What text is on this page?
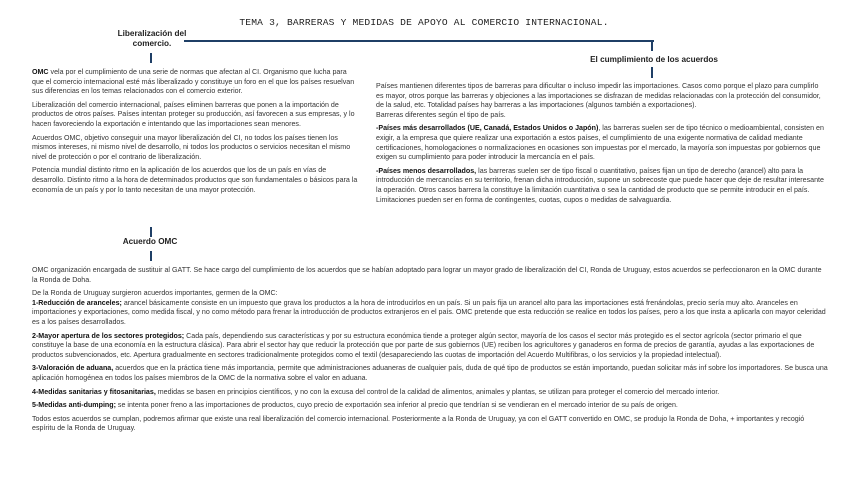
TEMA 3, BARRERAS Y MEDIDAS DE APOYO AL COMERCIO INTERNACIONAL.
Liberalización del comercio.
El cumplimiento de los acuerdos

OMC vela por el cumplimiento de una serie de normas que afectan al CI. Organismo que lucha para que el comercio internacional esté más liberalizado y constituye un foro en el que los países resuelvan sus diferencias en los temas relacionados con el comercio exterior.

Liberalización del comercio internacional, países eliminen barreras que ponen a la importación de productos de otros países. Países intentan proteger su producción, así favorecen a sus empresas, y lo hacen favoreciendo la exportación e intentando que las importaciones sean menores.

Acuerdos OMC, objetivo conseguir una mayor liberalización del CI, no todos los países tienen los mismos intereses, ni mismo nivel de desarrollo, ni todos los productos o servicios necesitan el mismo nivel de protección o por el contrario de liberalización.

Potencia mundial distinto ritmo en la aplicación de los acuerdos que los de un país en vías de desarrollo. Distinto ritmo a la hora de determinados productos que son fundamentales o básicos para la economía de un país y por lo tanto necesitan de una mayor protección.

Países mantienen diferentes tipos de barreras para dificultar o incluso impedir las importaciones. Casos como porque el plazo para cumplirlo es mayor, otros porque las barreras y objeciones a las importaciones se disfrazan de medidas relacionadas con la protección del consumidor, de la salud, etc. Totalidad países hay barreras a las importaciones (algunos también a exportaciones).

Barreras diferentes según el tipo de país.

-Países más desarrollados (UE, Canadá, Estados Unidos o Japón), las barreras suelen ser de tipo técnico o medioambiental, consisten en exigir, a la empresa que quiere realizar una exportación a estos países, el cumplimiento de una exigente normativa de calidad mediante certificaciones, homologaciones o normalizaciones en ocasiones son impuestas por el mercado, la mayoría son impuestas por gobiernos que exigen su cumplimiento para poder introducir la mercancía en el país.

-Países menos desarrollados, las barreras suelen ser de tipo fiscal o cuantitativo, países fijan un tipo de derecho (arancel) alto para la introducción de mercancías en su territorio, frenan dicha introducción, supone un sobrecoste que puede hacer que deje de resultar interesante la operación. Otros casos barrera la constituye la limitación cuantitativa o sea la cantidad de producto que se permite introducir en el país. Limitaciones pueden ser en forma de contingentes, cuotas, cupos o medidas de salvaguardia.

Acuerdo OMC

OMC organización encargada de sustituir al GATT. Se hace cargo del cumplimiento de los acuerdos que se habían adoptado para lograr un mayor grado de liberalización del CI, Ronda de Uruguay, estos acuerdos se perfeccionaron en la OMC durante la Ronda de Doha.

De la Ronda de Uruguay surgieron acuerdos importantes, germen de la OMC:

1-Reducción de aranceles; arancel básicamente consiste en un impuesto que grava los productos a la hora de introducirlos en un país. Si un país fija un arancel alto para las importaciones está frenándolas, precio sería muy alto. Aranceles en importaciones y exportaciones, como medida fiscal, y no como método para frenar la introducción de productos extranjeros en el país. OMC pretende que esta reducción se realice en todos los países, pero a los que insta a aplicarla con mayor celeridad es a los países desarrollados.

2-Mayor apertura de los sectores protegidos; Cada país, dependiendo sus características y por su estructura económica tiende a proteger algún sector, mayoría de los casos el sector más protegido es el sector agrícola (sector primario el que constituye la base de una economía en la estructura clásica). Para abrir el sector hay que reducir la protección que por parte de sus gobiernos (UE) reciben los agricultores y ganaderos en forma de precios de garantía, ayudas a las exportaciones de productos subvencionados, etc. Apertura gradualmente en sectores tradicionalmente protegidos como el textil (desapareciendo las cuotas de importación del Acuerdo Multifibras, o los servicios y la propiedad intelectual).

3-Valoración de aduana, acuerdos que en la práctica tiene más importancia, permite que administraciones aduaneras de cualquier país, duda de qué tipo de productos se están importando, puedan solicitar más inf sobre los importadores. Se busca una aplicación homogénea en todos los países miembros de la OMC de la normativa sobre el valor en aduana.

4-Medidas sanitarias y fitosanitarias, medidas se basen en principios científicos, y no con la excusa del control de la calidad de alimentos, animales y plantas, se utilizan para proteger el comercio del mercado interior.

5-Medidas anti-dumping; se intenta poner freno a las importaciones de productos, cuyo precio de exportación sea inferior al precio que tendrían si se vendieran en el mercado interior de su país de origen.

Todos estos acuerdos se cumplan, podremos afirmar que existe una real liberalización del comercio internacional. Posteriormente a la Ronda de Uruguay, ya con el GATT convertido en OMC, se produjo la Ronda de Doha, + importantes y recogió espíritu de la Ronda de Uruguay.
